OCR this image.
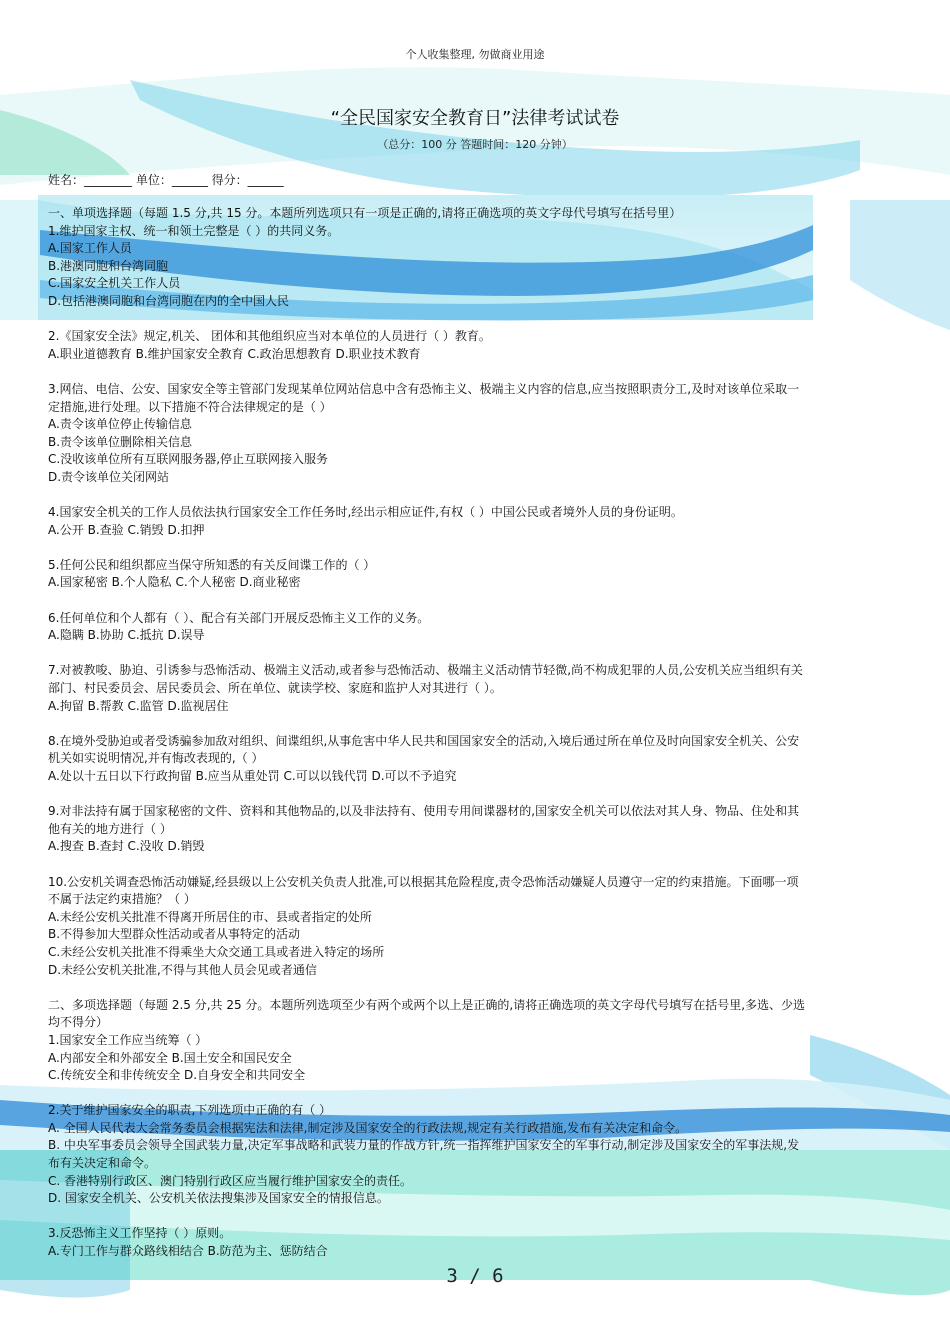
个人收集整理, 勿做商业用途
“全民国家安全教育日”法律考试试卷
（总分：100 分 答题时间：120 分钟）
姓名：________ 单位：______ 得分：______

一、单项选择题（每题 1.5 分,共 15 分。本题所列选项只有一项是正确的,请将正确选项的英文字母代号填写在括号里）

1.维护国家主权、统一和领土完整是（ ）的共同义务。

A.国家工作人员

B.港澳同胞和台湾同胞

C.国家安全机关工作人员

D.包括港澳同胞和台湾同胞在内的全中国人民

2.《国家安全法》规定,机关、 团体和其他组织应当对本单位的人员进行（ ）教育。

A.职业道德教育 B.维护国家安全教育 C.政治思想教育 D.职业技术教育

3.网信、电信、公安、国家安全等主管部门发现某单位网站信息中含有恐怖主义、极端主义内容的信息,应当按照职责分工,及时对该单位采取一

定措施,进行处理。以下措施不符合法律规定的是（ ）

A.责令该单位停止传输信息

B.责令该单位删除相关信息

C.没收该单位所有互联网服务器,停止互联网接入服务

D.责令该单位关闭网站

4.国家安全机关的工作人员依法执行国家安全工作任务时,经出示相应证件,有权（ ）中国公民或者境外人员的身份证明。

A.公开 B.查验 C.销毁 D.扣押

5.任何公民和组织都应当保守所知悉的有关反间谍工作的（ ）

A.国家秘密 B.个人隐私 C.个人秘密 D.商业秘密

6.任何单位和个人都有（ ）、配合有关部门开展反恐怖主义工作的义务。

A.隐瞒 B.协助 C.抵抗 D.误导

7.对被教唆、胁迫、引诱参与恐怖活动、极端主义活动,或者参与恐怖活动、极端主义活动情节轻微,尚不构成犯罪的人员,公安机关应当组织有关

部门、村民委员会、居民委员会、所在单位、就读学校、家庭和监护人对其进行（ ）。

A.拘留 B.帮教 C.监管 D.监视居住

8.在境外受胁迫或者受诱骗参加敌对组织、间谍组织,从事危害中华人民共和国国家安全的活动,入境后通过所在单位及时向国家安全机关、公安

机关如实说明情况,并有悔改表现的,（ ）

A.处以十五日以下行政拘留 B.应当从重处罚 C.可以以钱代罚 D.可以不予追究

9.对非法持有属于国家秘密的文件、资料和其他物品的,以及非法持有、使用专用间谍器材的,国家安全机关可以依法对其人身、物品、住处和其

他有关的地方进行（ ）

A.搜查 B.查封 C.没收 D.销毁

10.公安机关调查恐怖活动嫌疑,经县级以上公安机关负责人批准,可以根据其危险程度,责令恐怖活动嫌疑人员遵守一定的约束措施。下面哪一项

不属于法定约束措施？（ ）

A.未经公安机关批准不得离开所居住的市、县或者指定的处所

B.不得参加大型群众性活动或者从事特定的活动

C.未经公安机关批准不得乘坐大众交通工具或者进入特定的场所

D.未经公安机关批准,不得与其他人员会见或者通信

二、多项选择题（每题 2.5 分,共 25 分。本题所列选项至少有两个或两个以上是正确的,请将正确选项的英文字母代号填写在括号里,多选、少选

均不得分）

1.国家安全工作应当统筹（ ）

A.内部安全和外部安全 B.国土安全和国民安全

C.传统安全和非传统安全 D.自身安全和共同安全

2.关于维护国家安全的职责,下列选项中正确的有（ ）

A. 全国人民代表大会常务委员会根据宪法和法律,制定涉及国家安全的行政法规,规定有关行政措施,发布有关决定和命令。

B. 中央军事委员会领导全国武装力量,决定军事战略和武装力量的作战方针,统一指挥维护国家安全的军事行动,制定涉及国家安全的军事法规,发

布有关决定和命令。

C. 香港特别行政区、澳门特别行政区应当履行维护国家安全的责任。

D. 国家安全机关、公安机关依法搜集涉及国家安全的情报信息。

3.反恐怖主义工作坚持（ ）原则。

A.专门工作与群众路线相结合 B.防范为主、惩防结合

3 / 6
